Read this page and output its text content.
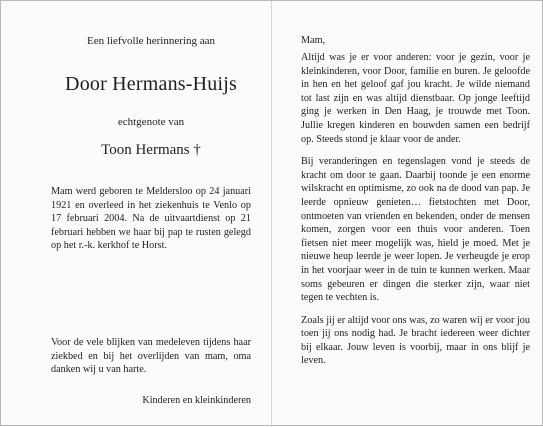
Een liefvolle herinnering aan
Door Hermans-Huijs
echtgenote van
Toon Hermans †
Mam werd geboren te Meldersloo op 24 januari 1921 en overleed in het ziekenhuis te Venlo op 17 februari 2004. Na de uitvaartdienst op 21 februari hebben we haar bij pap te rusten gelegd op het r.-k. kerkhof te Horst.
Voor de vele blijken van medeleven tijdens haar ziekbed en bij het overlijden van mam, oma danken wij u van harte.
Kinderen en kleinkinderen
Mam,
Altijd was je er voor anderen: voor je gezin, voor je kleinkinderen, voor Door, familie en buren. Je geloofde in hen en het geloof gaf jou kracht. Je wilde niemand tot last zijn en was altijd dienstbaar. Op jonge leeftijd ging je werken in Den Haag, je trouwde met Toon. Jullie kregen kinderen en bouwden samen een bedrijf op. Steeds stond je klaar voor de ander.
Bij veranderingen en tegenslagen vond je steeds de kracht om door te gaan. Daarbij toonde je een enorme wilskracht en optimisme, zo ook na de dood van pap. Je leerde opnieuw genieten… fietstochten met Door, ontmoeten van vrienden en bekenden, onder de mensen komen, zorgen voor een thuis voor anderen. Toen fietsen niet meer mogelijk was, hield je moed. Met je nieuwe heup leerde je weer lopen. Je verheugde je erop in het voorjaar weer in de tuin te kunnen werken. Maar soms gebeuren er dingen die sterker zijn, waar niet tegen te vechten is.
Zoals jij er altijd voor ons was, zo waren wij er voor jou toen jij ons nodig had. Je bracht iedereen weer dichter bij elkaar. Jouw leven is voorbij, maar in ons blijf je leven.
